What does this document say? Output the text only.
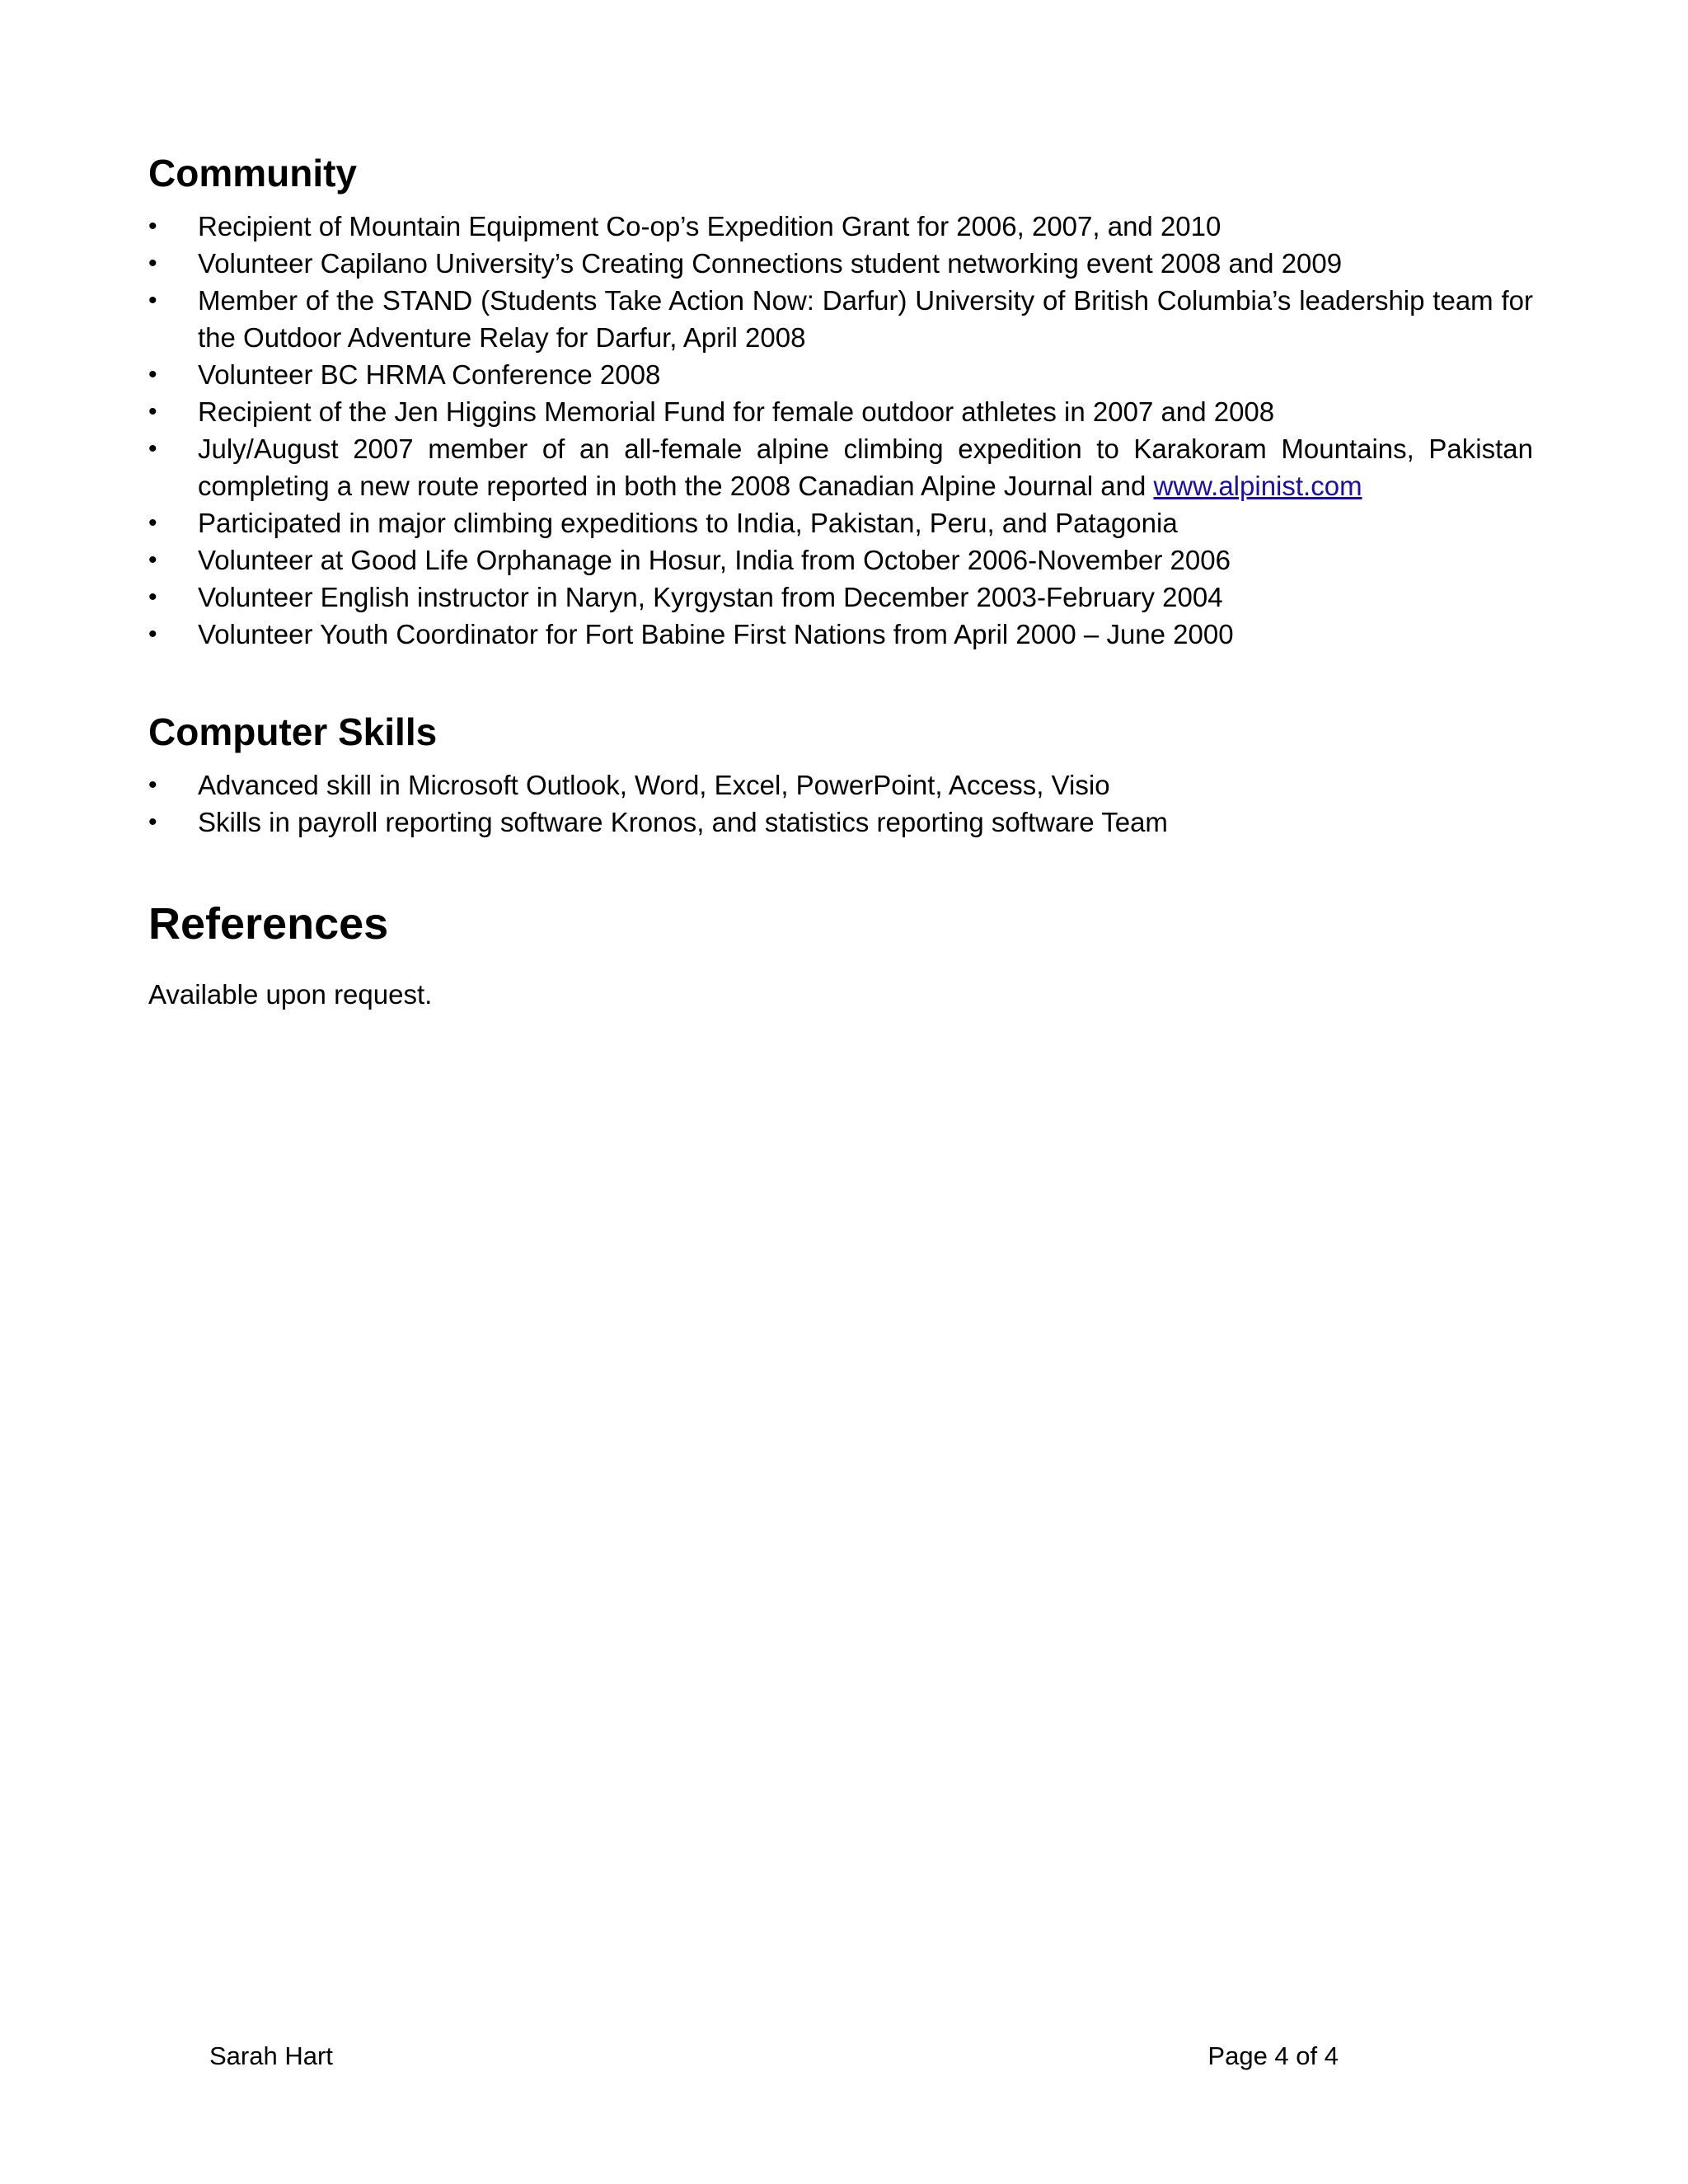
Community
•	Recipient of Mountain Equipment Co-op’s Expedition Grant for 2006, 2007, and 2010
•	Volunteer Capilano University’s Creating Connections student networking event 2008 and 2009
•	Member of the STAND (Students Take Action Now: Darfur) University of British Columbia’s leadership team for the Outdoor Adventure Relay for Darfur, April 2008
•	Volunteer BC HRMA Conference 2008
•	Recipient of the Jen Higgins Memorial Fund for female outdoor athletes in 2007 and 2008
•	July/August 2007 member of an all-female alpine climbing expedition to Karakoram Mountains, Pakistan completing a new route reported in both the 2008 Canadian Alpine Journal and www.alpinist.com
•	Participated in major climbing expeditions to India, Pakistan, Peru, and Patagonia
•	Volunteer at Good Life Orphanage in Hosur, India from October 2006-November 2006
•	Volunteer English instructor in Naryn, Kyrgystan from December 2003-February 2004
•	Volunteer Youth Coordinator for Fort Babine First Nations from April 2000 – June 2000
Computer Skills
•	Advanced skill in Microsoft Outlook, Word, Excel, PowerPoint, Access, Visio
•	Skills in payroll reporting software Kronos, and statistics reporting software Team
References
Available upon request.
Sarah Hart	Page 4 of 4
